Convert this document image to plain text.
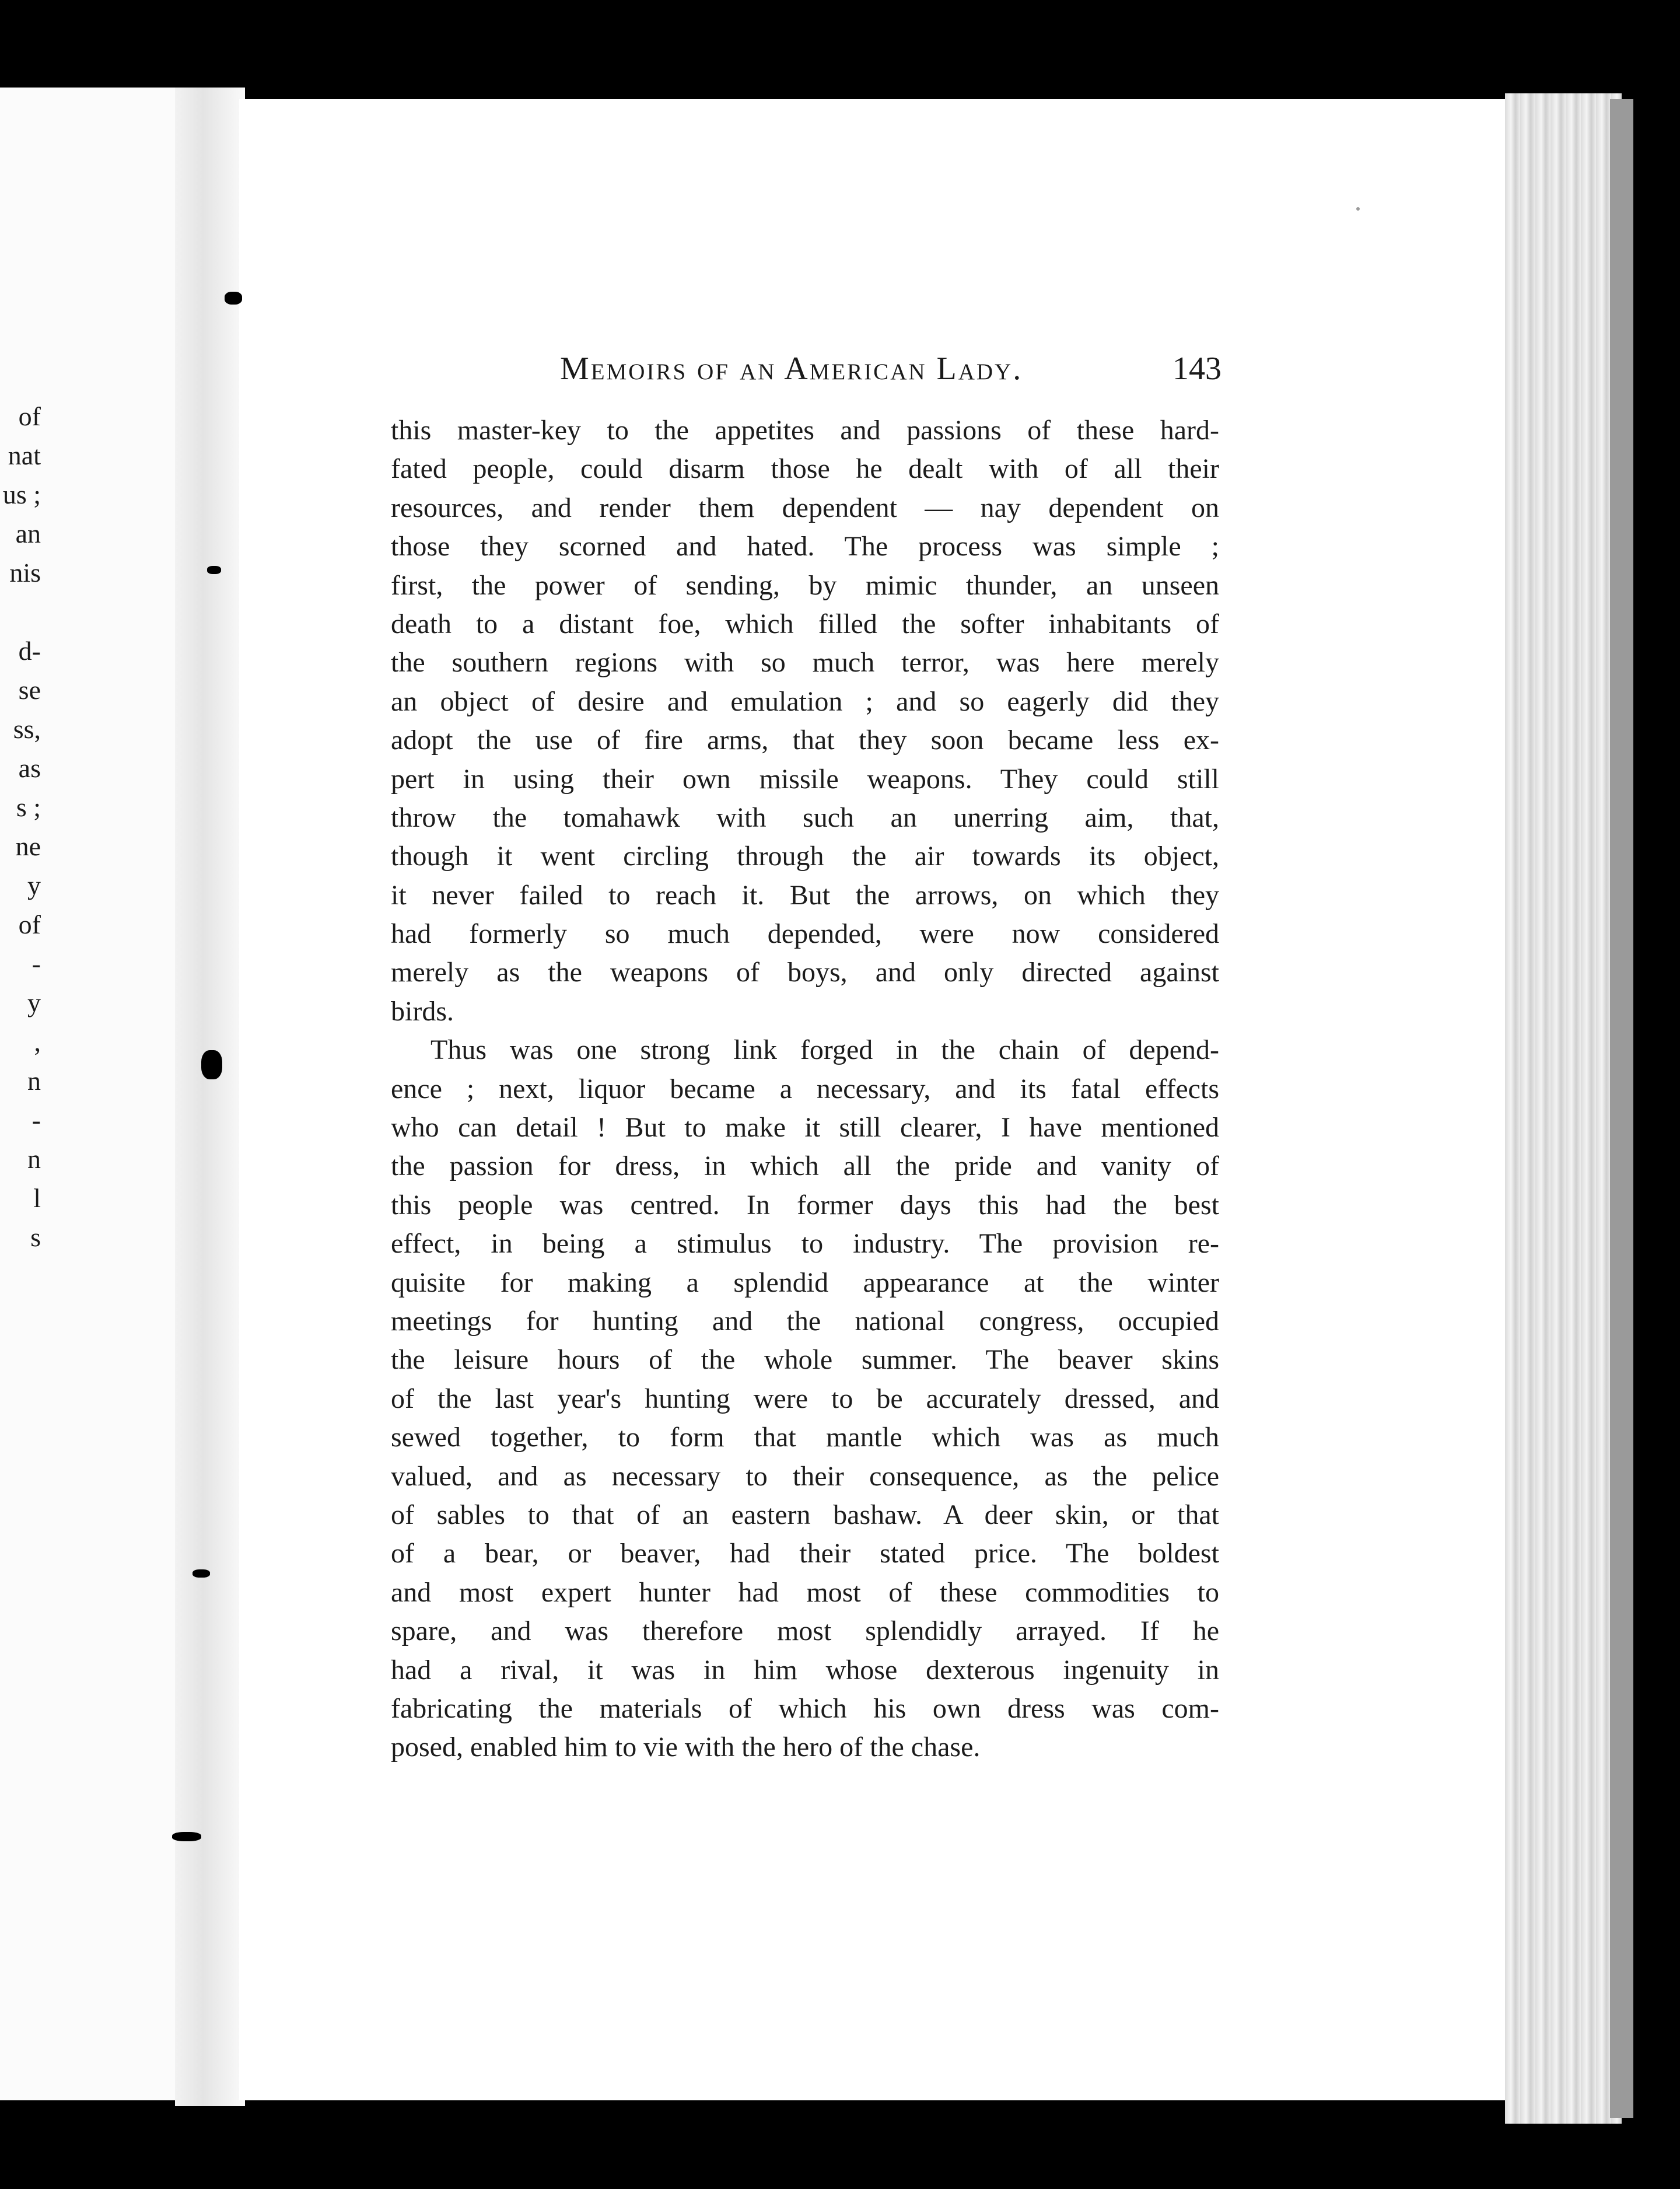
of
nat
us ;
an
nis
d-
se
ss,
as
s ;
ne
y
of
-
y
,
n
-
n
l
s
Memoirs of an American Lady.	143
this master-key to the appetites and passions of these hard-
fated people, could disarm those he dealt with of all their
resources, and render them dependent — nay dependent on
those they scorned and hated. The process was simple ;
first, the power of sending, by mimic thunder, an unseen
death to a distant foe, which filled the softer inhabitants of
the southern regions with so much terror, was here merely
an object of desire and emulation ; and so eagerly did they
adopt the use of fire arms, that they soon became less ex-
pert in using their own missile weapons. They could still
throw the tomahawk with such an unerring aim, that,
though it went circling through the air towards its object,
it never failed to reach it. But the arrows, on which they
had formerly so much depended, were now considered
merely as the weapons of boys, and only directed against
birds.
Thus was one strong link forged in the chain of depend-
ence ; next, liquor became a necessary, and its fatal effects
who can detail ! But to make it still clearer, I have mentioned
the passion for dress, in which all the pride and vanity of
this people was centred. In former days this had the best
effect, in being a stimulus to industry. The provision re-
quisite for making a splendid appearance at the winter
meetings for hunting and the national congress, occupied
the leisure hours of the whole summer. The beaver skins
of the last year's hunting were to be accurately dressed, and
sewed together, to form that mantle which was as much
valued, and as necessary to their consequence, as the pelice
of sables to that of an eastern bashaw. A deer skin, or that
of a bear, or beaver, had their stated price. The boldest
and most expert hunter had most of these commodities to
spare, and was therefore most splendidly arrayed. If he
had a rival, it was in him whose dexterous ingenuity in
fabricating the materials of which his own dress was com-
posed, enabled him to vie with the hero of the chase.
